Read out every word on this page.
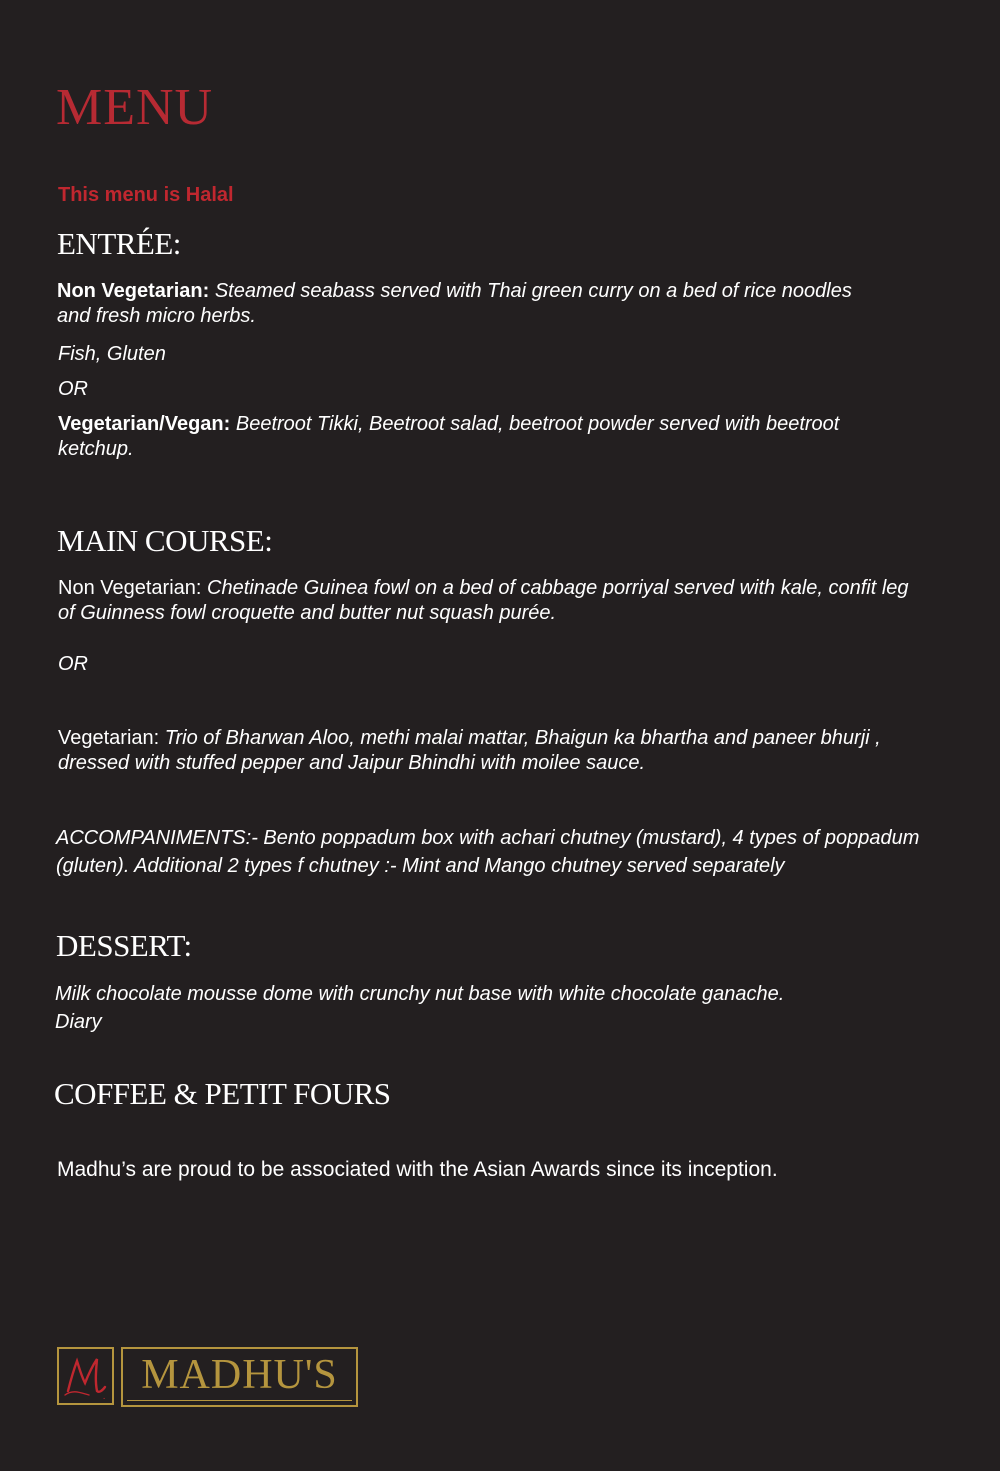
MENU
This menu is Halal
ENTRÉE:

Non Vegetarian: Steamed seabass served with Thai green curry on a bed of rice noodles and fresh micro herbs.

Fish, Gluten

OR

Vegetarian/Vegan: Beetroot Tikki, Beetroot salad, beetroot powder served with beetroot ketchup.

MAIN COURSE:

Non Vegetarian: Chetinade Guinea fowl on a bed of cabbage porriyal served with kale, confit leg of Guinness fowl croquette and butter nut squash purée.

OR

Vegetarian: Trio of Bharwan Aloo, methi malai mattar, Bhaigun ka bhartha and paneer bhurji , dressed with stuffed pepper and Jaipur Bhindhi with moilee sauce.

ACCOMPANIMENTS:- Bento poppadum box with achari chutney (mustard), 4 types of poppadum (gluten). Additional 2 types f chutney :- Mint and Mango chutney served separately

DESSERT:

Milk chocolate mousse dome with crunchy nut base with white chocolate ganache.

Diary

COFFEE & PETIT FOURS
Madhu’s are proud to be associated with the Asian Awards since its inception.
. MADHU'S
